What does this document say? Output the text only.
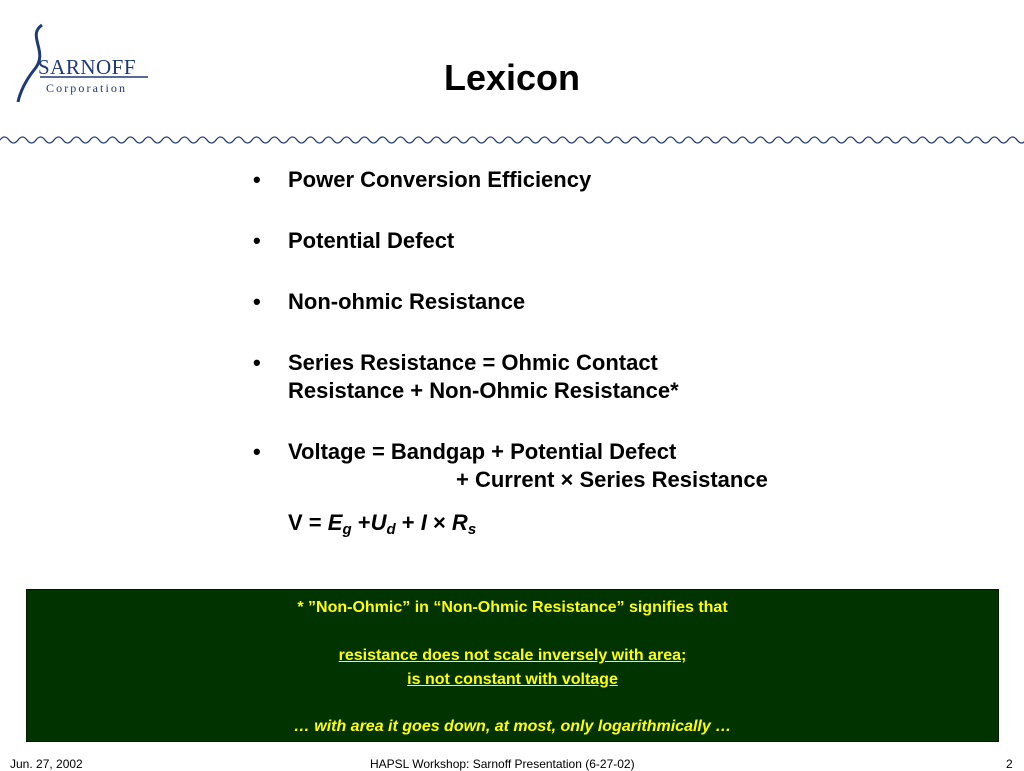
SARNOFF
Corporation	Lexicon
• Power Conversion Efficiency
• Potential Defect
• Non-ohmic Resistance
• Series Resistance = Ohmic Contact
Resistance + Non-Ohmic Resistance*
• Voltage = Bandgap + Potential Defect
+ Current × Series Resistance
$V = E_g +U_d + I \times R_s$
* ”Non-Ohmic” in “Non-Ohmic Resistance” signifies that
resistance does not scale inversely with area;
is not constant with voltage
… with area it goes down, at most, only logarithmically …
Jun. 27, 2002	HAPSL Workshop: Sarnoff Presentation (6-27-02)	2
